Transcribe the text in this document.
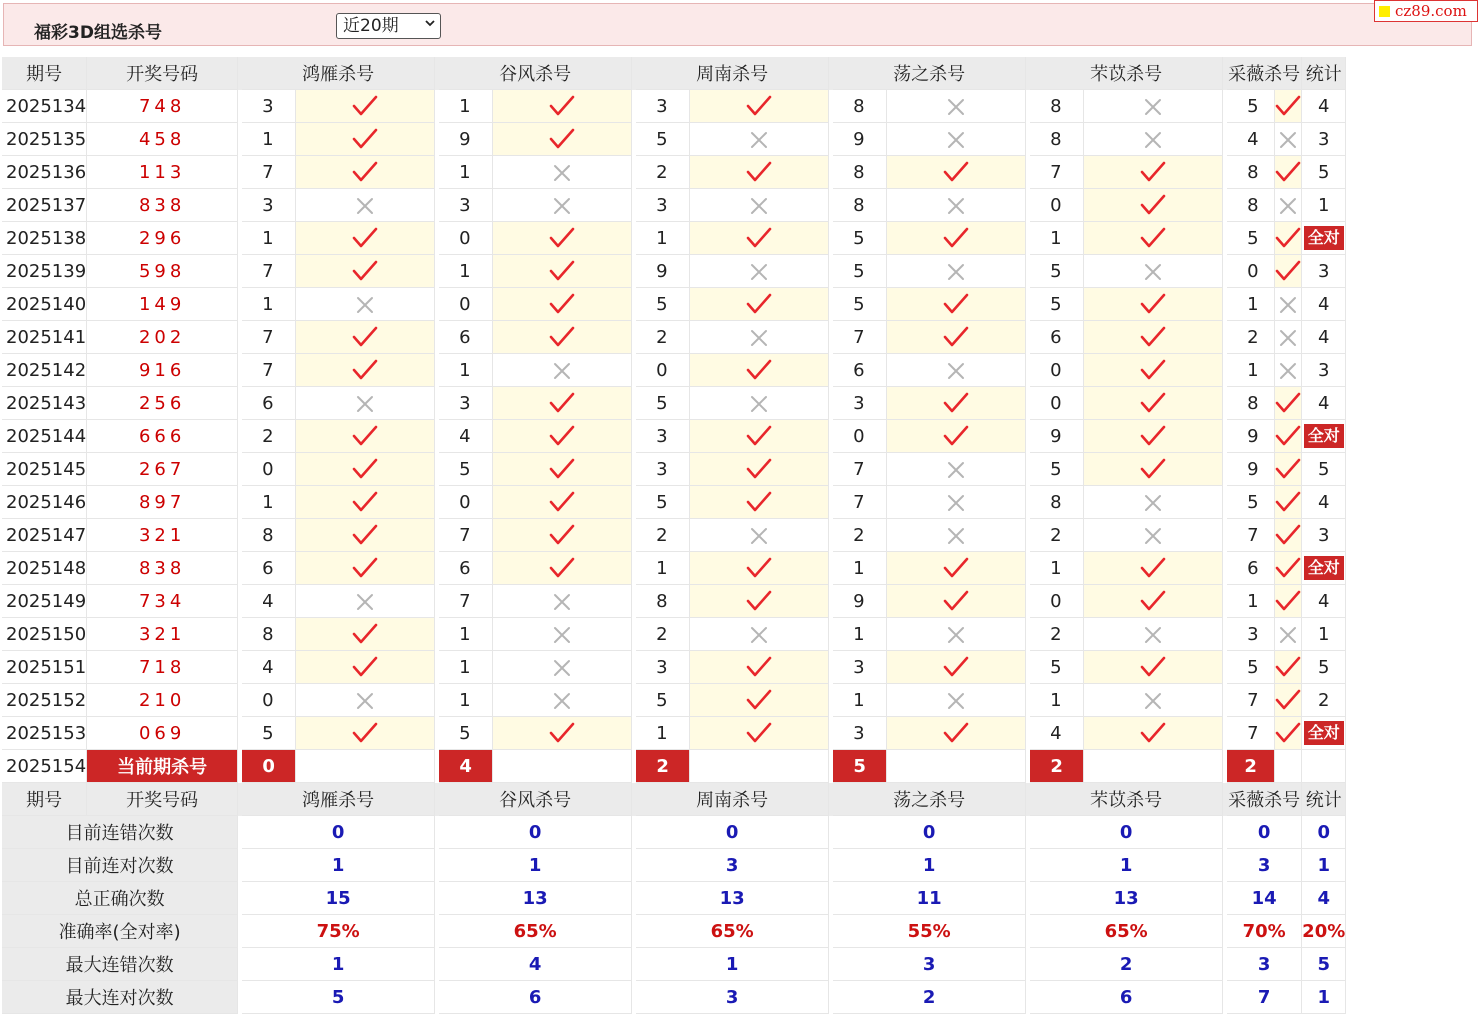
福彩3D组选杀号	近20期
cz89.com
期号	开奖号码		鸿雁杀号			谷风杀号			周南杀号			荡之杀号			芣苡杀号			采薇杀号		统计
2025134	748		3			1			3			8			8			5			4
2025135	458		1			9			5			9			8			4			3
2025136	113		7			1			2			8			7			8			5
2025137	838		3			3			3			8			0			8			1
2025138	296		1			0			1			5			1			5			全对
2025139	598		7			1			9			5			5			0			3
2025140	149		1			0			5			5			5			1			4
2025141	202		7			6			2			7			6			2			4
2025142	916		7			1			0			6			0			1			3
2025143	256		6			3			5			3			0			8			4
2025144	666		2			4			3			0			9			9			全对
2025145	267		0			5			3			7			5			9			5
2025146	897		1			0			5			7			8			5			4
2025147	321		8			7			2			2			2			7			3
2025148	838		6			6			1			1			1			6			全对
2025149	734		4			7			8			9			0			1			4
2025150	321		8			1			2			1			2			3			1
2025151	718		4			1			3			3			5			5			5
2025152	210		0			1			5			1			1			7			2
2025153	069		5			5			1			3			4			7			全对
2025154	当前期杀号		0			4			2			5			2			2			
期号	开奖号码		鸿雁杀号			谷风杀号			周南杀号			荡之杀号			芣苡杀号			采薇杀号		统计
目前连错次数			0			0			0			0			0			0		0
目前连对次数			1			1			3			1			1			3		1
总正确次数			15			13			13			11			13			14		4
准确率(全对率)			75%			65%			65%			55%			65%			70%		20%
最大连错次数			1			4			1			3			2			3		5
最大连对次数			5			6			3			2			6			7		1
